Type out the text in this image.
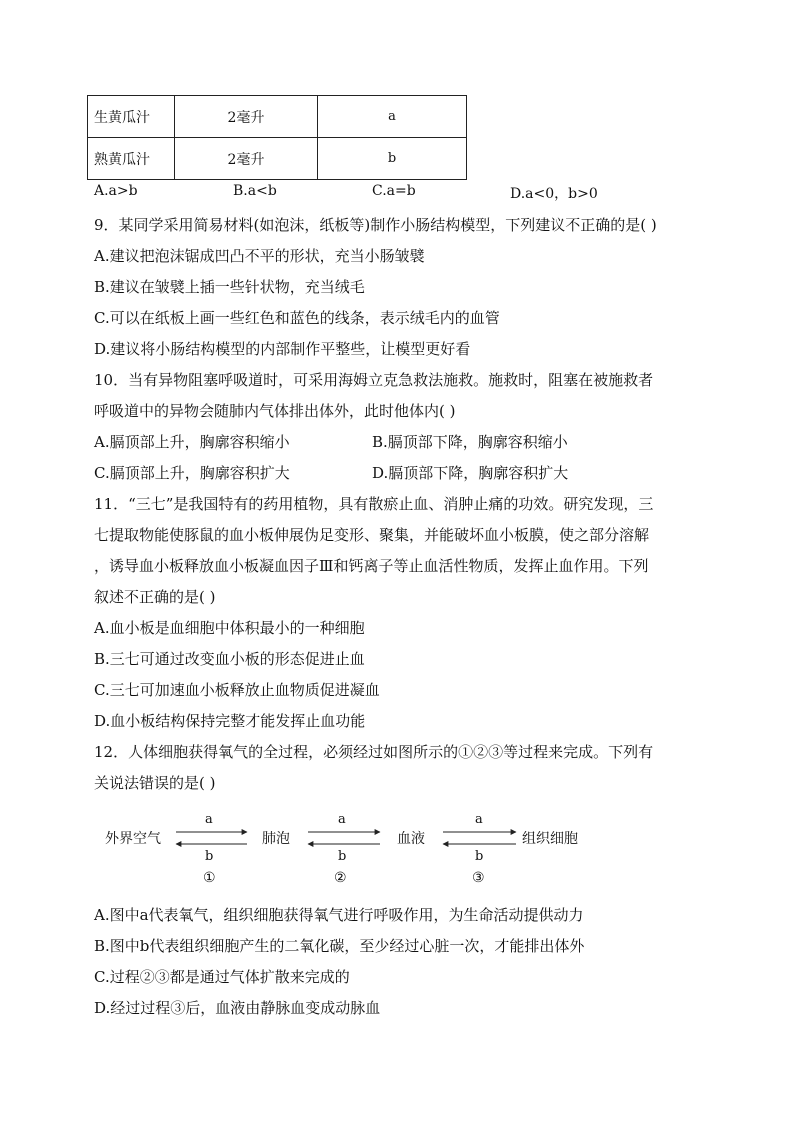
生黄瓜汁	2毫升	a
熟黄瓜汁	2毫升	b
A.a>b	B.a<b	C.a=b	D.a<0，b>0
9．某同学采用简易材料(如泡沫，纸板等)制作小肠结构模型，下列建议不正确的是( )
A.建议把泡沫锯成凹凸不平的形状，充当小肠皱襞
B.建议在皱襞上插一些针状物，充当绒毛
C.可以在纸板上画一些红色和蓝色的线条，表示绒毛内的血管
D.建议将小肠结构模型的内部制作平整些，让模型更好看
10．当有异物阻塞呼吸道时，可采用海姆立克急救法施救。施救时，阻塞在被施救者
呼吸道中的异物会随肺内气体排出体外，此时他体内( )
A.膈顶部上升，胸廓容积缩小	B.膈顶部下降，胸廓容积缩小
C.膈顶部上升，胸廓容积扩大	D.膈顶部下降，胸廓容积扩大
11．“三七”是我国特有的药用植物，具有散瘀止血、消肿止痛的功效。研究发现，三
七提取物能使豚鼠的血小板伸展伪足变形、聚集，并能破坏血小板膜，使之部分溶解
，诱导血小板释放血小板凝血因子Ⅲ和钙离子等止血活性物质，发挥止血作用。下列
叙述不正确的是( )
A.血小板是血细胞中体积最小的一种细胞
B.三七可通过改变血小板的形态促进止血
C.三七可加速血小板释放止血物质促进凝血
D.血小板结构保持完整才能发挥止血功能
12．人体细胞获得氧气的全过程，必须经过如图所示的①②③等过程来完成。下列有
关说法错误的是( )
外界空气	肺泡	血液	组织细胞
a	a	a
b	b	b
①	②	③
A.图中a代表氧气，组织细胞获得氧气进行呼吸作用，为生命活动提供动力
B.图中b代表组织细胞产生的二氧化碳，至少经过心脏一次，才能排出体外
C.过程②③都是通过气体扩散来完成的
D.经过过程③后，血液由静脉血变成动脉血
